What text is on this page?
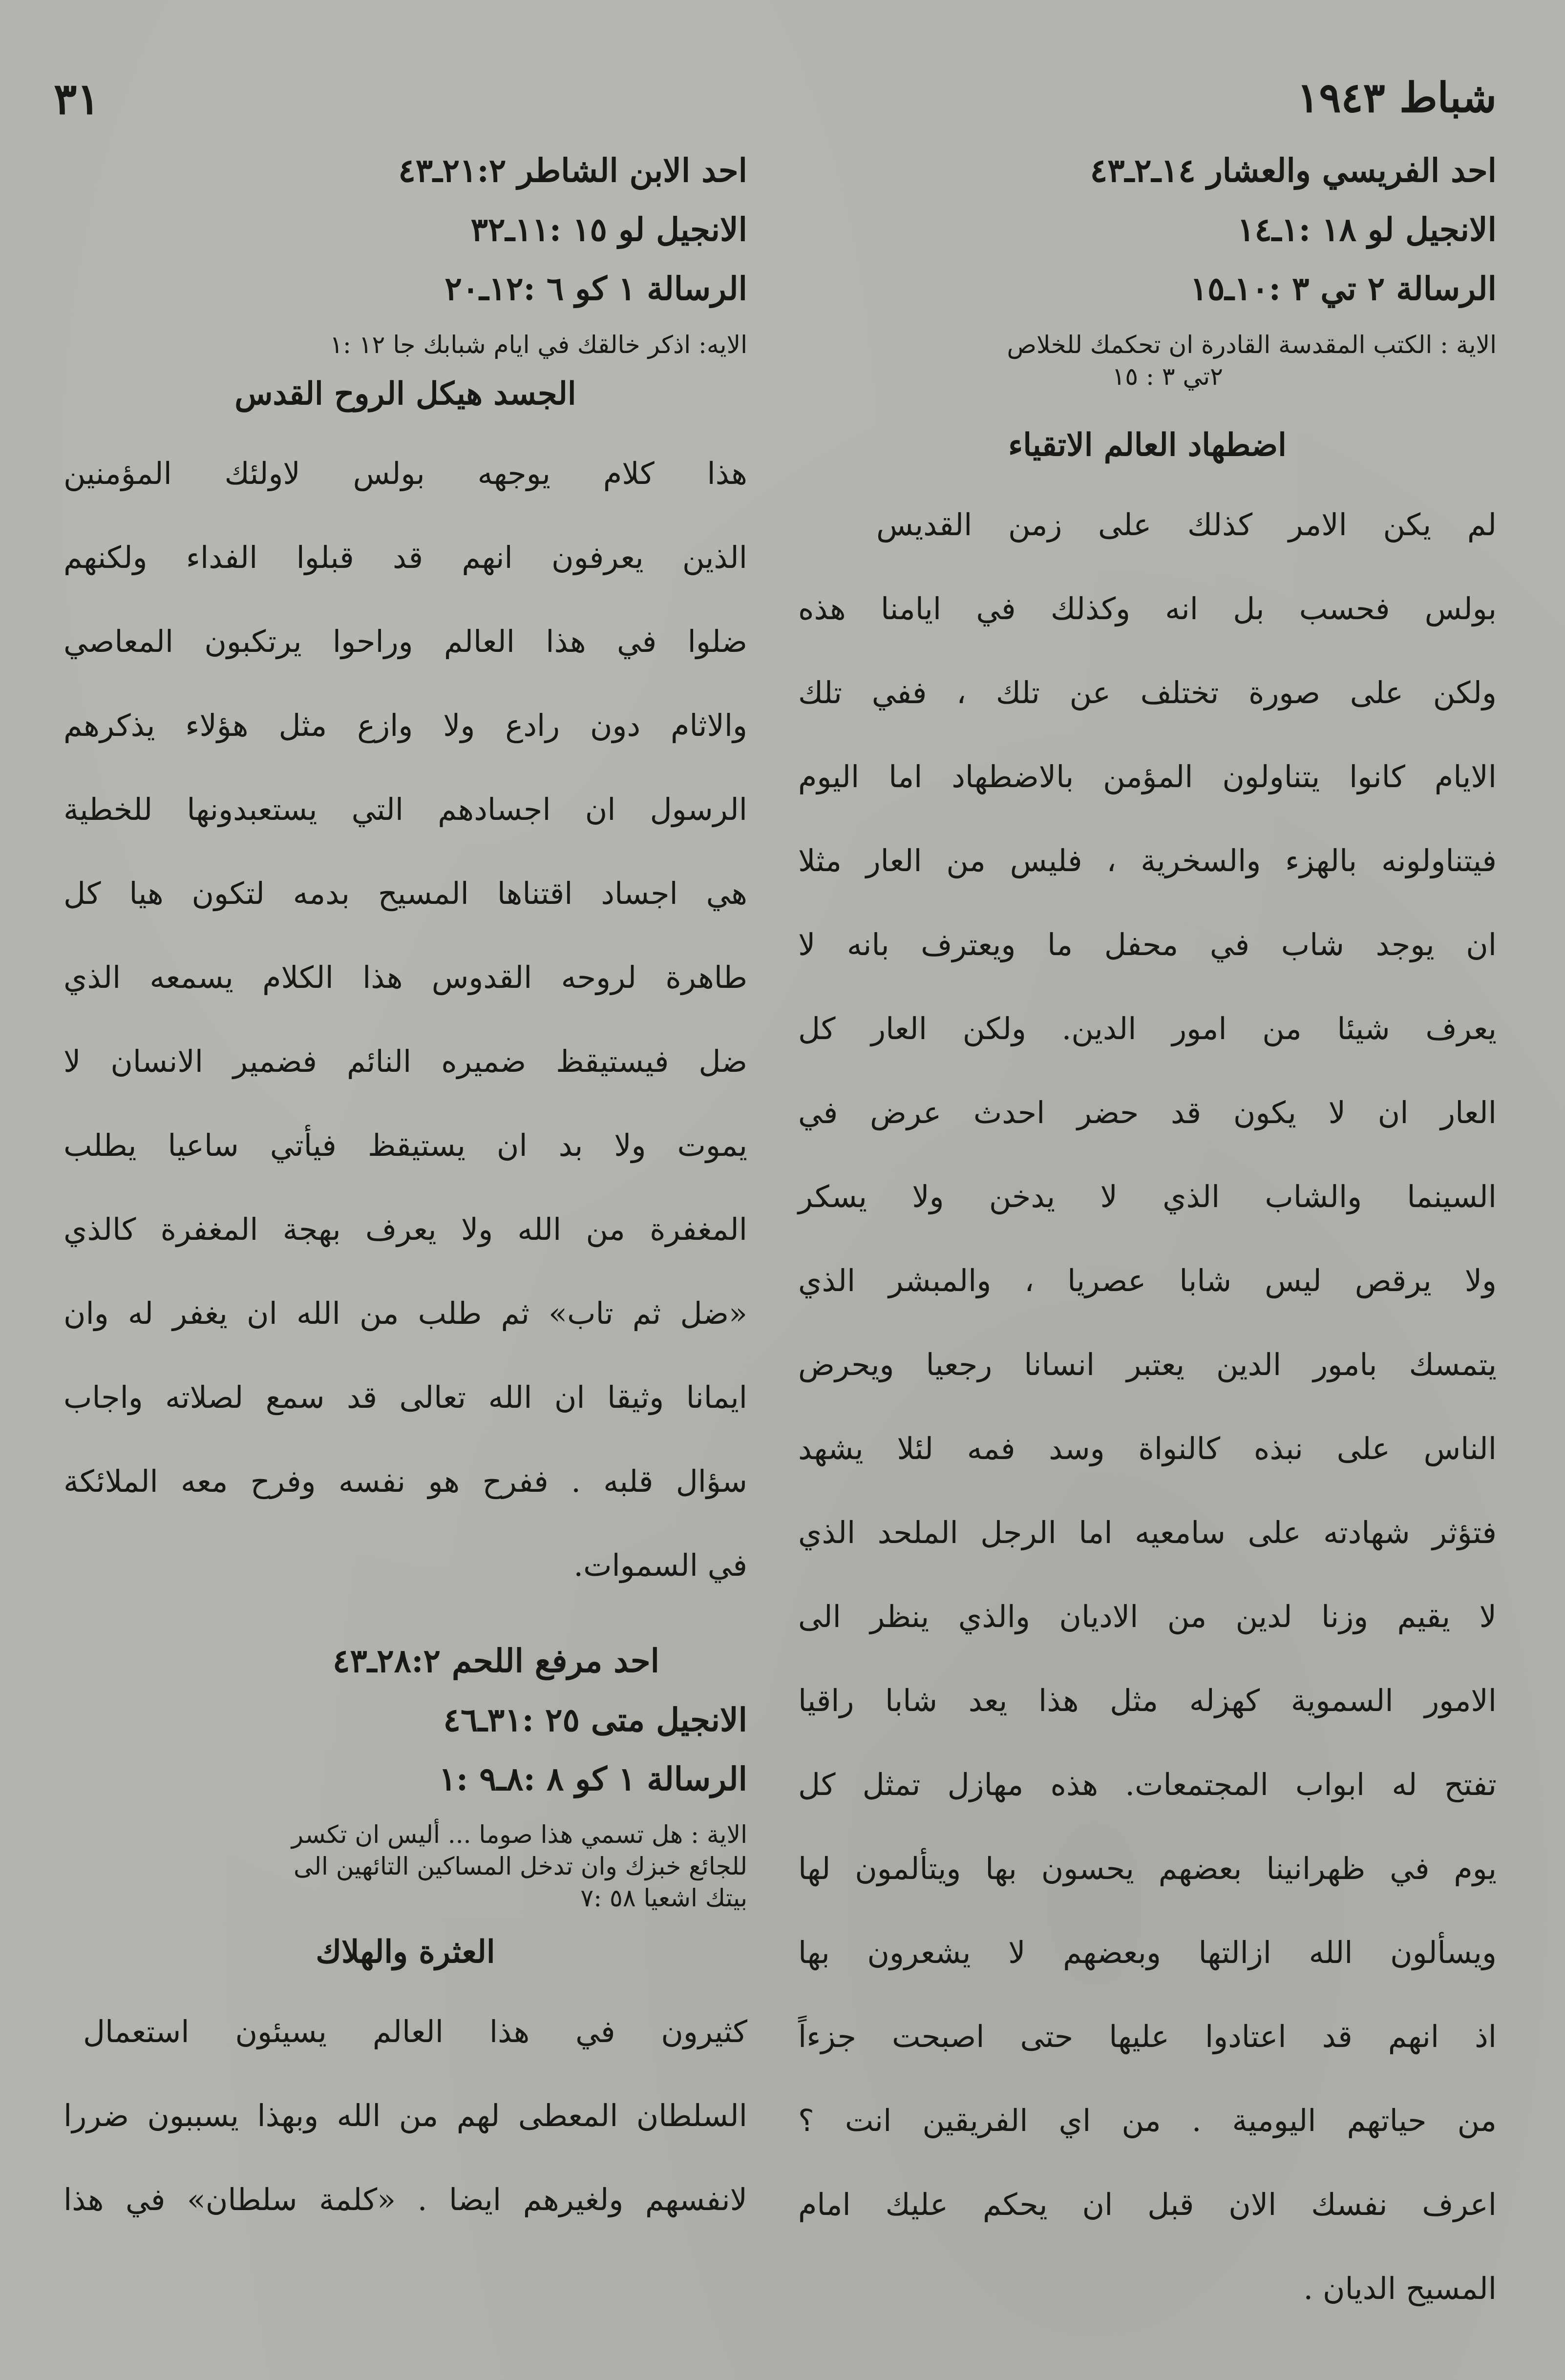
٣١	شباط ١٩٤٣
احد الفريسي والعشار ١٤ـ٢ـ٤٣
الانجيل لو ١٨ :١ـ١٤
الرسالة ٢ تي ٣ :١٠ـ١٥
الاية : الكتب المقدسة القادرة ان تحكمك للخلاص
٢تي ٣ : ١٥
اضطهاد العالم الاتقياء
لم يكن الامر كذلك على زمن القديس
بولس فحسب بل انه وكذلك في ايامنا هذه
ولكن على صورة تختلف عن تلك ، ففي تلك
الايام كانوا يتناولون المؤمن بالاضطهاد اما اليوم
فيتناولونه بالهزء والسخرية ، فليس من العار مثلا
ان يوجد شاب في محفل ما ويعترف بانه لا
يعرف شيئا من امور الدين. ولكن العار كل
العار ان لا يكون قد حضر احدث عرض في
السينما والشاب الذي لا يدخن ولا يسكر
ولا يرقص ليس شابا عصريا ، والمبشر الذي
يتمسك بامور الدين يعتبر انسانا رجعيا ويحرض
الناس على نبذه كالنواة وسد فمه لئلا يشهد
فتؤثر شهادته على سامعيه اما الرجل الملحد الذي
لا يقيم وزنا لدين من الاديان والذي ينظر الى
الامور السموية كهزله مثل هذا يعد شابا راقيا
تفتح له ابواب المجتمعات. هذه مهازل تمثل كل
يوم في ظهرانينا بعضهم يحسون بها ويتألمون لها
ويسألون الله ازالتها وبعضهم لا يشعرون بها
اذ انهم قد اعتادوا عليها حتى اصبحت جزءاً
من حياتهم اليومية . من اي الفريقين انت ؟
اعرف نفسك الان قبل ان يحكم عليك امام
المسيح الديان .
احد الابن الشاطر ٢١:٢ـ٤٣
الانجيل لو ١٥ :١١ـ٣٢
الرسالة ١ كو ٦ :١٢ـ٢٠
الايه: اذكر خالقك في ايام شبابك جا ١٢ :١
الجسد هيكل الروح القدس
هذا كلام يوجهه بولس لاولئك المؤمنين
الذين يعرفون انهم قد قبلوا الفداء ولكنهم
ضلوا في هذا العالم وراحوا يرتكبون المعاصي
والاثام دون رادع ولا وازع مثل هؤلاء يذكرهم
الرسول ان اجسادهم التي يستعبدونها للخطية
هي اجساد اقتناها المسيح بدمه لتكون هيا كل
طاهرة لروحه القدوس هذا الكلام يسمعه الذي
ضل فيستيقظ ضميره النائم فضمير الانسان لا
يموت ولا بد ان يستيقظ فيأتي ساعيا يطلب
المغفرة من الله ولا يعرف بهجة المغفرة كالذي
«ضل ثم تاب» ثم طلب من الله ان يغفر له وان
ايمانا وثيقا ان الله تعالى قد سمع لصلاته واجاب
سؤال قلبه . ففرح هو نفسه وفرح معه الملائكة
في السموات.
احد مرفع اللحم ٢٨:٢ـ٤٣
الانجيل متى ٢٥ :٣١ـ٤٦
الرسالة ١ كو ٨ :٨ـ٩ :١
الاية : هل تسمي هذا صوما ... أليس ان تكسر
للجائع خبزك وان تدخل المساكين التائهين الى
بيتك اشعيا ٥٨ :٧
العثرة والهلاك
كثيرون في هذا العالم يسيئون استعمال
السلطان المعطى لهم من الله وبهذا يسببون ضررا
لانفسهم ولغيرهم ايضا . «كلمة سلطان» في هذا
